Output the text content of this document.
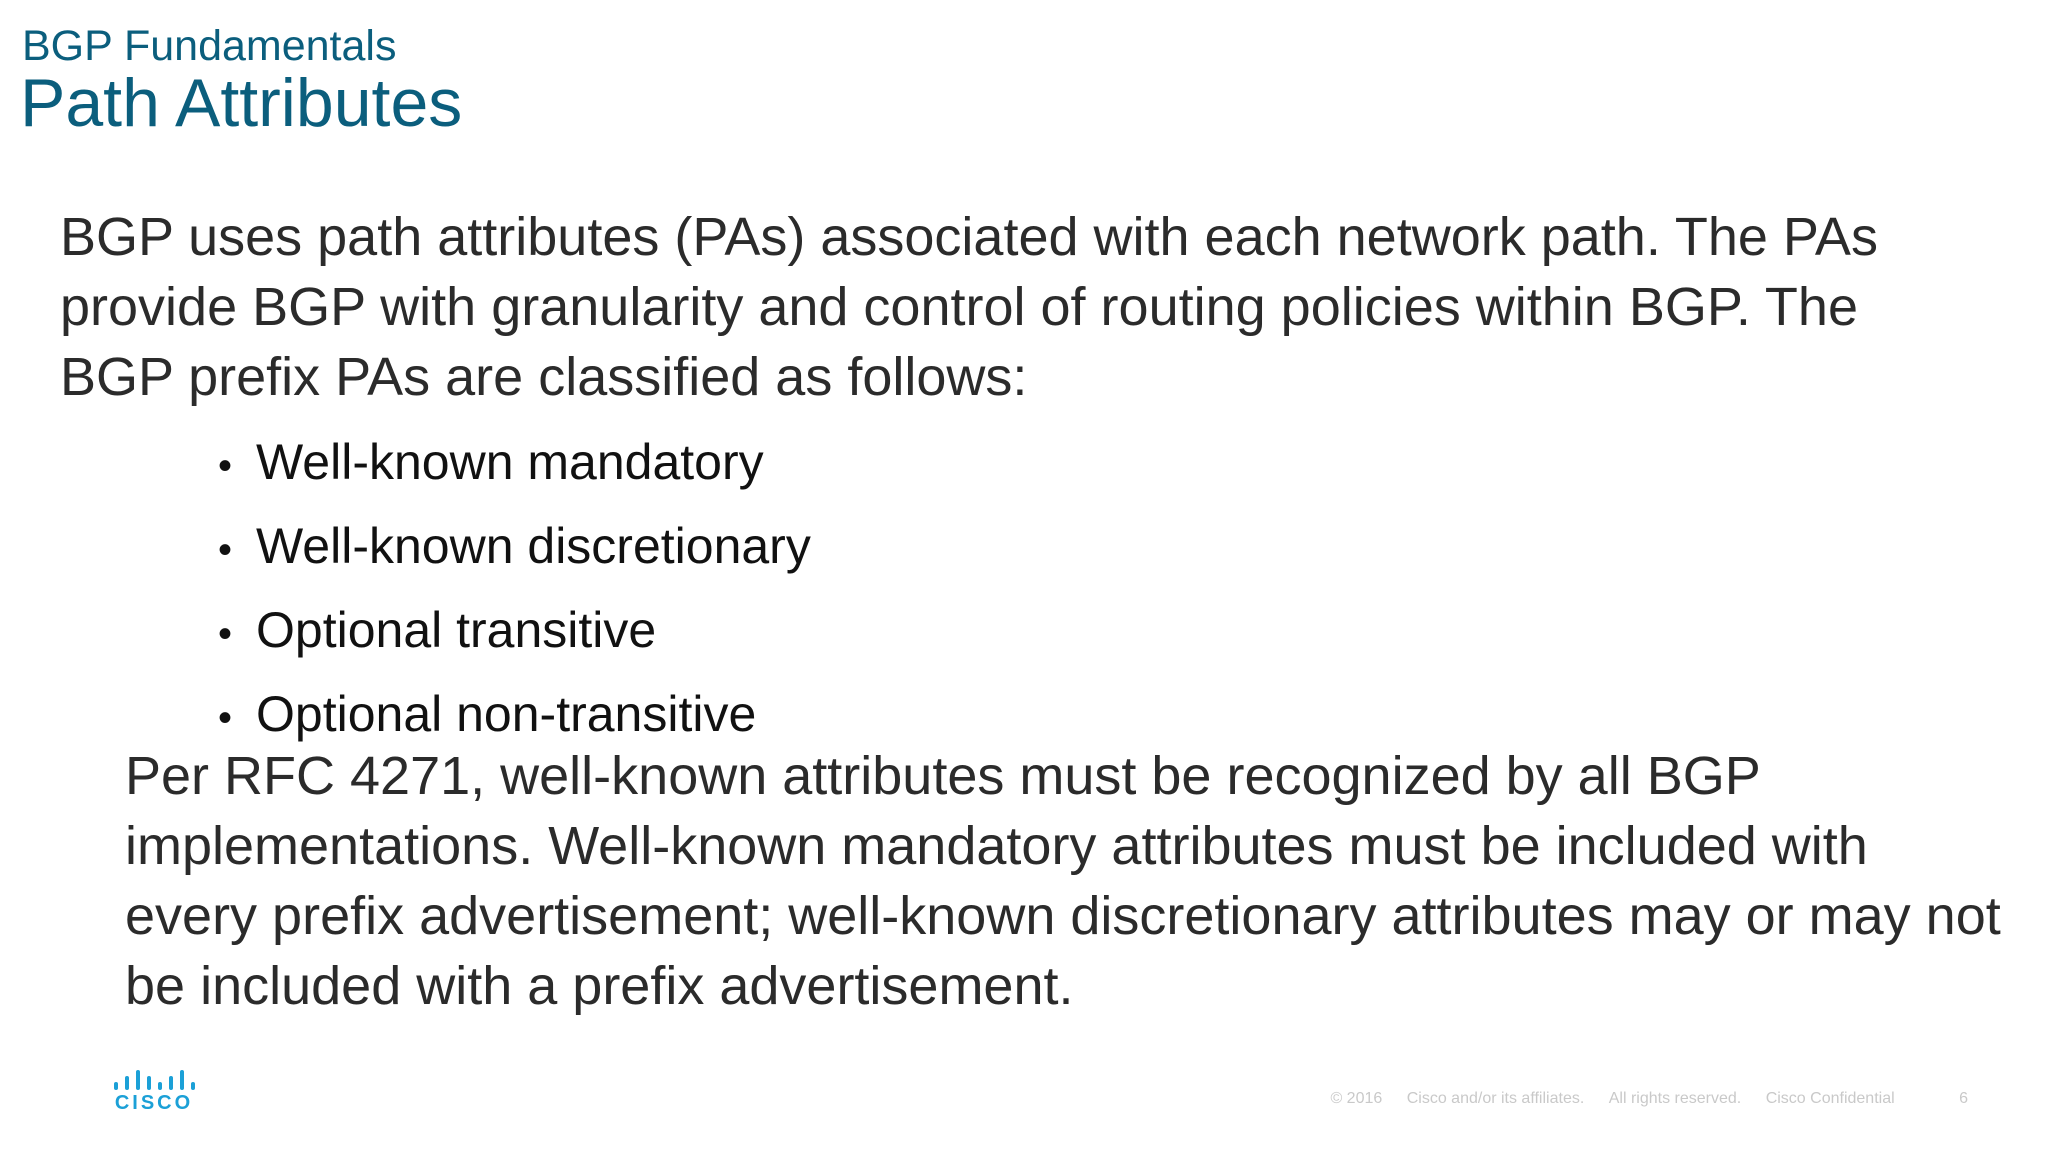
BGP Fundamentals
Path Attributes

BGP uses path attributes (PAs) associated with each network path. The PAs provide BGP with granularity and control of routing policies within BGP. The BGP prefix PAs are classified as follows:

• Well-known mandatory
• Well-known discretionary
• Optional transitive
• Optional non-transitive

Per RFC 4271, well-known attributes must be recognized by all BGP implementations. Well-known mandatory attributes must be included with every prefix advertisement; well-known discretionary attributes may or may not be included with a prefix advertisement.

CISCO	© 2016 Cisco and/or its affiliates. All rights reserved. Cisco Confidential	6
